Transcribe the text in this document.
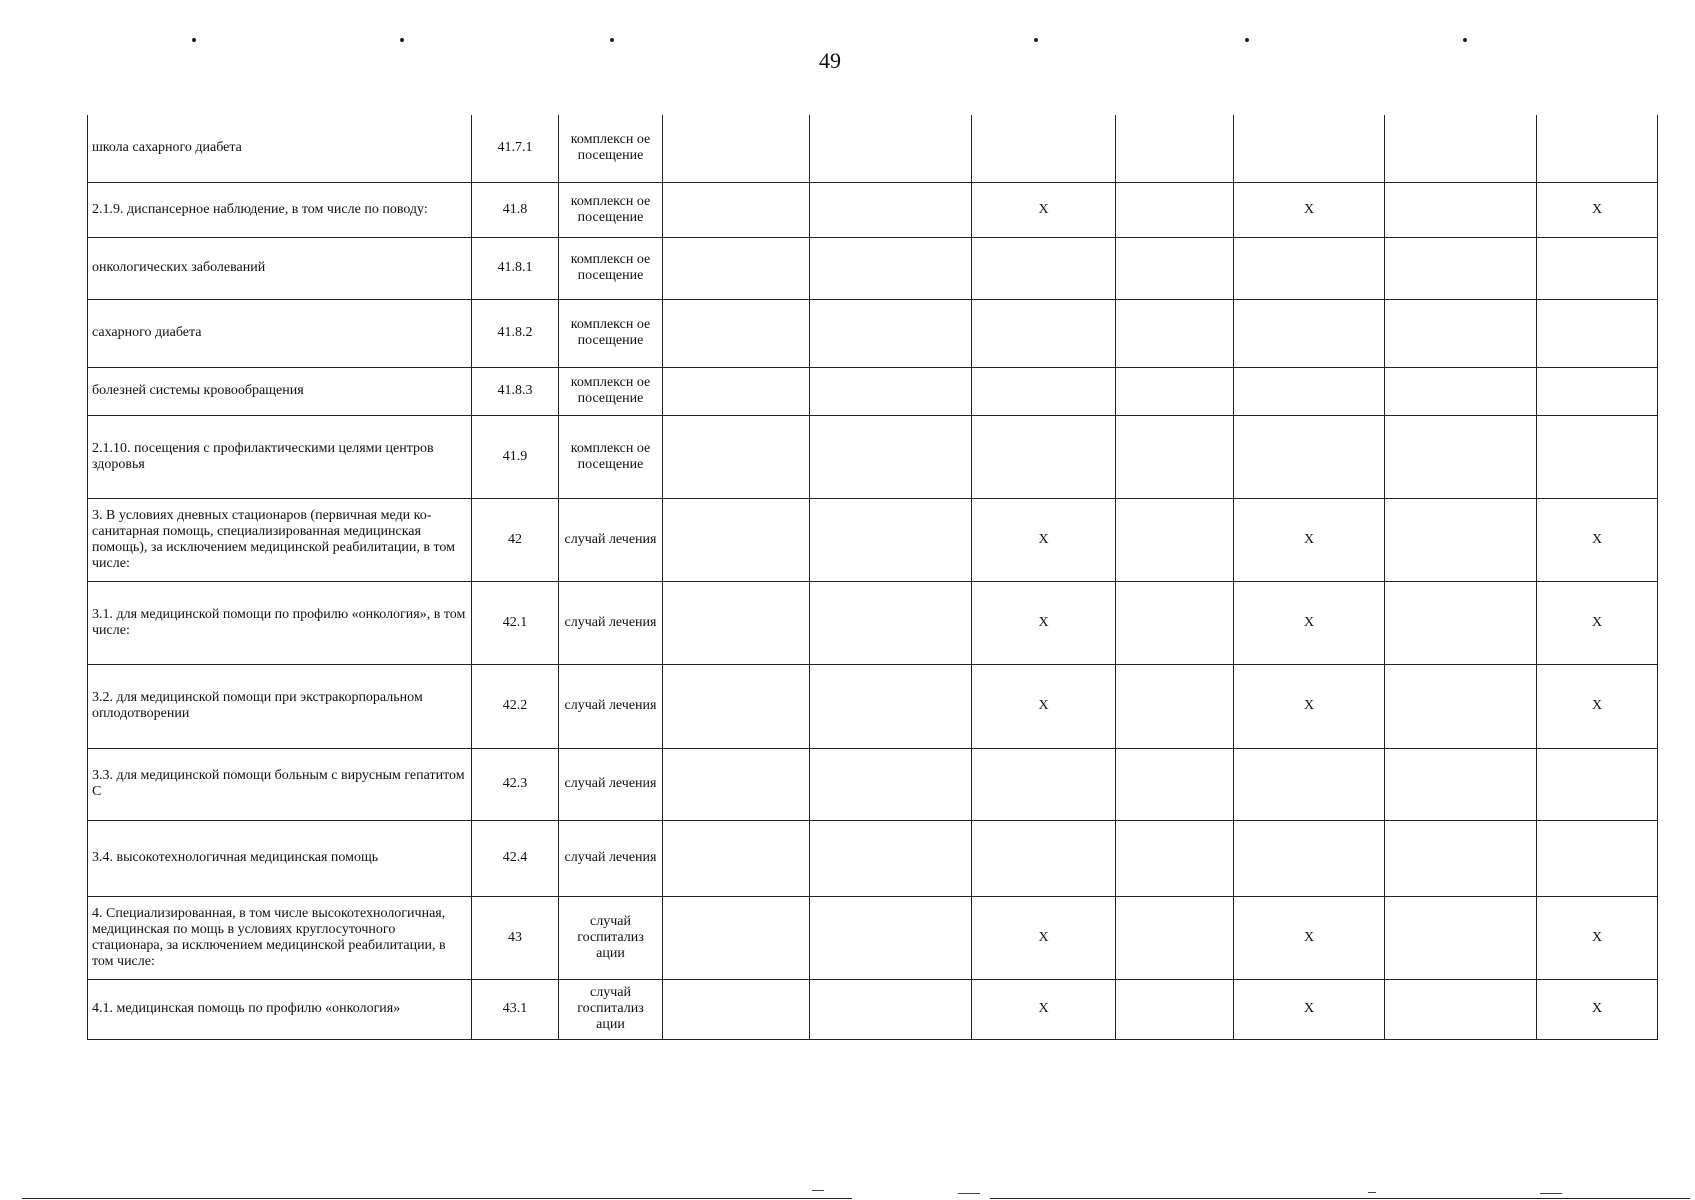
49
школа сахарного диабета	41.7.1	комплексн ое посещение							
2.1.9. диспансерное наблюдение, в том числе по поводу:	41.8	комплексн ое посещение			X		X		X
онкологических заболеваний	41.8.1	комплексн ое посещение							
сахарного диабета	41.8.2	комплексн ое посещение							
болезней системы кровообращения	41.8.3	комплексн ое посещение							
2.1.10. посещения с профилактическими целями центров здоровья	41.9	комплексн ое посещение							
3. В условиях дневных стационаров (первичная меди ко-санитарная помощь, специализированная медицинская помощь), за исключением медицинской реабилитации, в том числе:	42	случай лечения			X		X		X
3.1. для медицинской помощи по профилю «онкология», в том числе:	42.1	случай лечения			X		X		X
3.2. для медицинской помощи при экстракорпоральном оплодотворении	42.2	случай лечения			X		X		X
3.3. для медицинской помощи больным с вирусным гепатитом С	42.3	случай лечения							
3.4. высокотехнологичная медицинская помощь	42.4	случай лечения							
4. Специализированная, в том числе высокотехнологичная, медицинская по мощь в условиях круглосуточного стационара, за исключением медицинской реабилитации, в том числе:	43	случай госпитализ ации			X		X		X
4.1. медицинская помощь по профилю «онкология»	43.1	случай госпитализ ации			X		X		X
